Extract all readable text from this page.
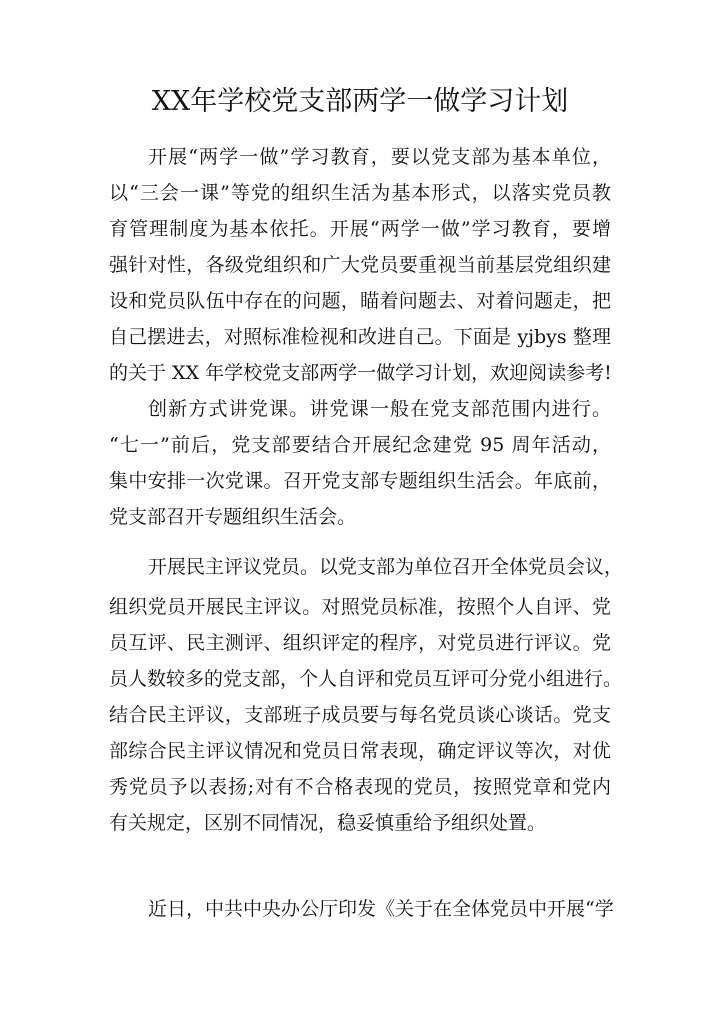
XX年学校党支部两学一做学习计划
开展“两学一做”学习教育，要以党支部为基本单位，
以“三会一课”等党的组织生活为基本形式，以落实党员教
育管理制度为基本依托。开展“两学一做”学习教育，要增
强针对性，各级党组织和广大党员要重视当前基层党组织建
设和党员队伍中存在的问题，瞄着问题去、对着问题走，把
自己摆进去，对照标准检视和改进自己。下面是 yjbys 整理
的关于 XX 年学校党支部两学一做学习计划，欢迎阅读参考!
创新方式讲党课。讲党课一般在党支部范围内进行。
“七一”前后，党支部要结合开展纪念建党 95 周年活动，
集中安排一次党课。召开党支部专题组织生活会。年底前，
党支部召开专题组织生活会。
开展民主评议党员。以党支部为单位召开全体党员会议，
组织党员开展民主评议。对照党员标准，按照个人自评、党
员互评、民主测评、组织评定的程序，对党员进行评议。党
员人数较多的党支部，个人自评和党员互评可分党小组进行。
结合民主评议，支部班子成员要与每名党员谈心谈话。党支
部综合民主评议情况和党员日常表现，确定评议等次，对优
秀党员予以表扬;对有不合格表现的党员，按照党章和党内
有关规定，区别不同情况，稳妥慎重给予组织处置。
近日，中共中央办公厅印发《关于在全体党员中开展“学
